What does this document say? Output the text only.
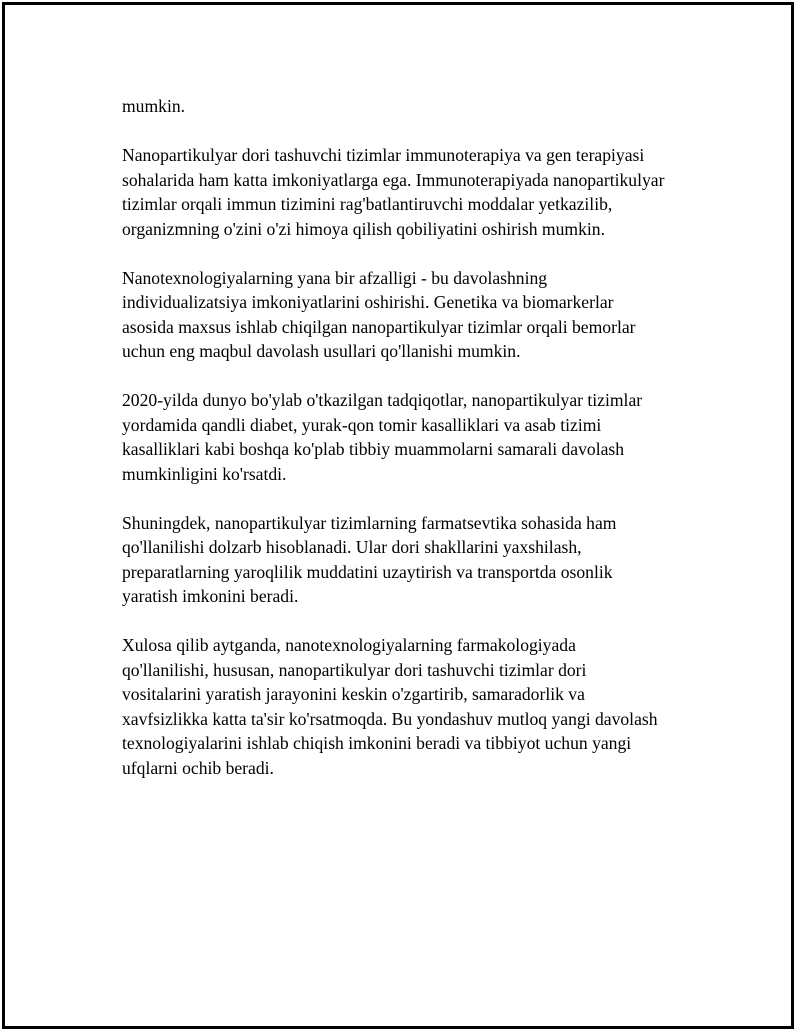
mumkin.

Nanopartikulyar dori tashuvchi tizimlar immunoterapiya va gen terapiyasi
sohalarida ham katta imkoniyatlarga ega. Immunoterapiyada nanopartikulyar
tizimlar orqali immun tizimini rag'batlantiruvchi moddalar yetkazilib,
organizmning o'zini o'zi himoya qilish qobiliyatini oshirish mumkin.

Nanotexnologiyalarning yana bir afzalligi - bu davolashning
individualizatsiya imkoniyatlarini oshirishi. Genetika va biomarkerlar
asosida maxsus ishlab chiqilgan nanopartikulyar tizimlar orqali bemorlar
uchun eng maqbul davolash usullari qo'llanishi mumkin.

2020-yilda dunyo bo'ylab o'tkazilgan tadqiqotlar, nanopartikulyar tizimlar
yordamida qandli diabet, yurak-qon tomir kasalliklari va asab tizimi
kasalliklari kabi boshqa ko'plab tibbiy muammolarni samarali davolash
mumkinligini ko'rsatdi.

Shuningdek, nanopartikulyar tizimlarning farmatsevtika sohasida ham
qo'llanilishi dolzarb hisoblanadi. Ular dori shakllarini yaxshilash,
preparatlarning yaroqlilik muddatini uzaytirish va transportda osonlik
yaratish imkonini beradi.

Xulosa qilib aytganda, nanotexnologiyalarning farmakologiyada
qo'llanilishi, hususan, nanopartikulyar dori tashuvchi tizimlar dori
vositalarini yaratish jarayonini keskin o'zgartirib, samaradorlik va
xavfsizlikka katta ta'sir ko'rsatmoqda. Bu yondashuv mutloq yangi davolash
texnologiyalarini ishlab chiqish imkonini beradi va tibbiyot uchun yangi
ufqlarni ochib beradi.
